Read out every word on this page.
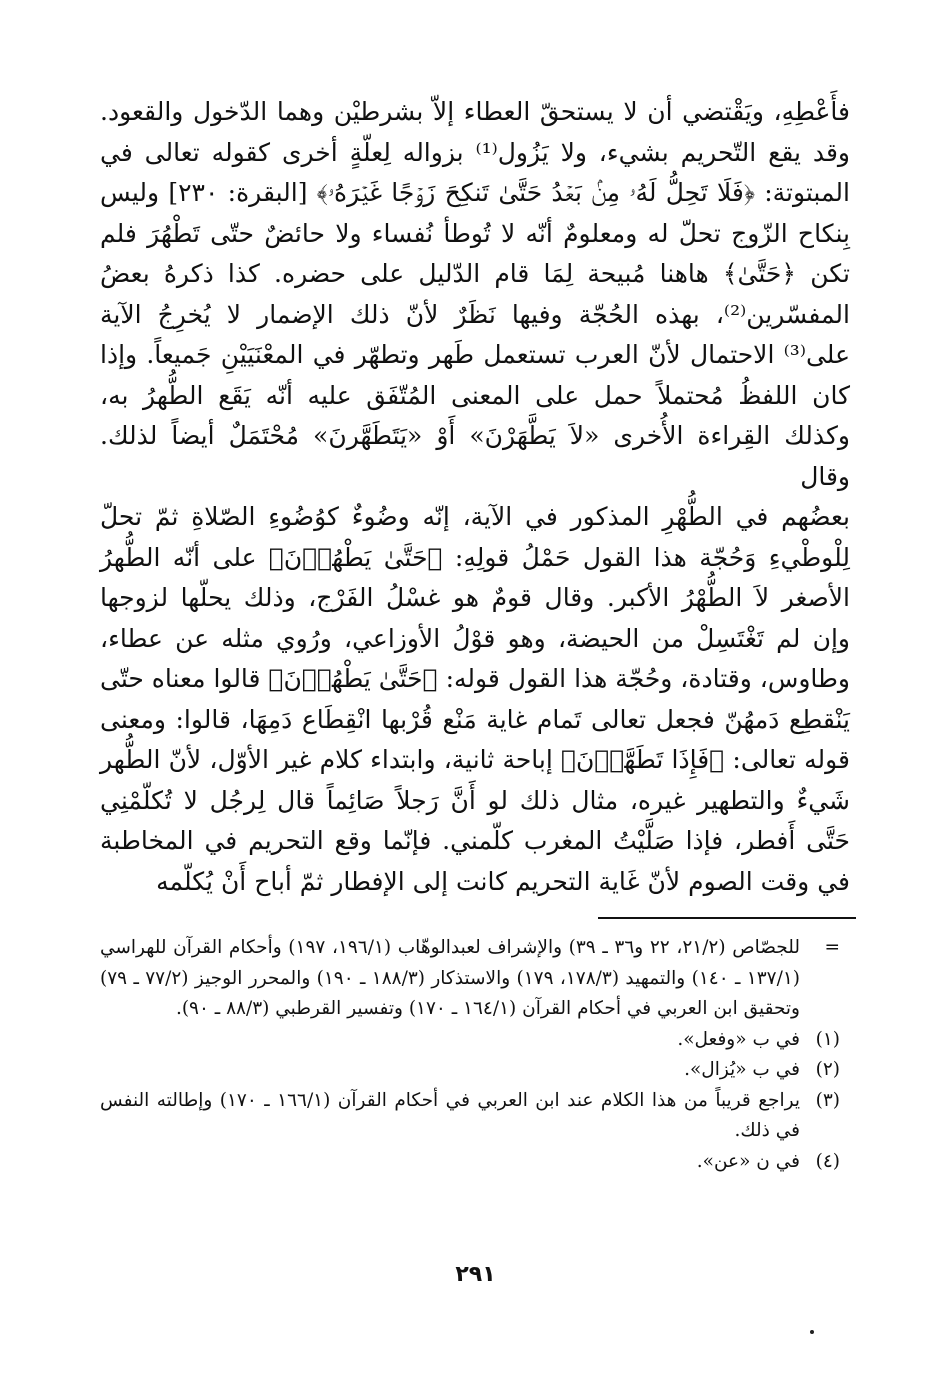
فأَعْطِهِ، ويَقْتضي أن لا يستحقّ العطاء إلاّ بشرطيْن وهما الدّخول والقعود.

وقد يقع التّحريم بشيء، ولا يَزُول⁽¹⁾ بزواله لِعلّةٍ أخرى كقوله تعالى في

المبتوتة: ﴿فَلَا تَحِلُّ لَهُۥ مِنۢ بَعۡدُ حَتَّىٰ تَنكِحَ زَوۡجًا غَيۡرَهُۥ﴾ [البقرة: ٢٣٠] وليس

بِنكاح الزّوج تحلّ له ومعلومٌ أنّه لا تُوطأ نُفساء ولا حائضٌ حتّى تَطْهُرَ فلم

تكن ﴿حَتَّىٰ﴾ هاهنا مُبيحة لِمَا قام الدّليل على حضره. كذا ذكرهُ بعضُ

المفسّرين⁽²⁾، بهذه الحُجّة وفيها نَظَرٌ لأنّ ذلك الإضمار لا يُخرِجُ الآية

على⁽³⁾ الاحتمال لأنّ العرب تستعمل طَهر وتطهّر في المعْنَيَيْنِ جَميعاً. وإذا

كان اللفظُ مُحتملاً حمل على المعنى المُتّفَق عليه أنّه يَقَع الطُّهرُ به،

وكذلك القِراءة الأُخرى «لاَ يَطَّهَرْنَ» أَوْ «يَتَطَهَّرنَ» مُحْتَمَلٌ أيضاً لذلك. وقال

بعضُهم في الطُّهْرِ المذكور في الآية، إنّه وضُوءٌ كوُضُوءِ الصّلاةِ ثمّ تحلّ

لِلْوطْيءِ وَحُجّة هذا القول حَمْلُ قولِهِ: ﴿حَتَّىٰ يَطْهُرۡنَ﴾ على أنّه الطُّهرُ

الأصغر لاَ الطُّهْرُ الأكبر. وقال قومٌ هو غسْلُ الفَرْج، وذلك يحلّها لزوجها

وإن لم تَغْتَسِلْ من الحيضة، وهو قوْلُ الأوزاعي، ورُوي مثله عن عطاء،

وطاوس، وقتادة، وحُجّة هذا القول قوله: ﴿حَتَّىٰ يَطْهُرۡنَ﴾ قالوا معناه حتّى

يَنْقطِع دَمهُنّ فجعل تعالى تَمام غاية مَنْع قُرْبها انْقِطَاع دَمِهَا، قالوا: ومعنى

قوله تعالى: ﴿فَإِذَا تَطَهَّرۡنَ﴾ إباحة ثانية، وابتداء كلام غير الأوّل، لأنّ الطُّهر

شَيءٌ والتطهير غيره، مثال ذلك لو أَنَّ رَجلاً صَائِماً قال لِرجُل لا تُكلّمْنِي

حَتَّى أَفطر، فإذا صَلَّيْتُ المغرب كلّمني. فإنّما وقع التحريم في المخاطبة

في وقت الصوم لأنّ غَاية التحريم كانت إلى الإفطار ثمّ أباح أَنْ يُكلّمه

=
للجصّاص (٢١/٢، ٢٢ و٣٦ ـ ٣٩) والإشراف لعبدالوهّاب (١٩٦/١، ١٩٧) وأحكام القرآن للهراسي (١٣٧/١ ـ ١٤٠) والتمهيد (١٧٨/٣، ١٧٩) والاستذكار (١٨٨/٣ ـ ١٩٠) والمحرر الوجيز (٧٧/٢ ـ ٧٩) وتحقيق ابن العربي في أحكام القرآن (١٦٤/١ ـ ١٧٠) وتفسير القرطبي (٨٨/٣ ـ ٩٠).
(١)
في ب «وفعل».
(٢)
في ب «يُزال».
(٣)
يراجع قريباً من هذا الكلام عند ابن العربي في أحكام القرآن (١٦٦/١ ـ ١٧٠) وإطالته النفس في ذلك.
(٤)
في ن «عن».
٢٩١
